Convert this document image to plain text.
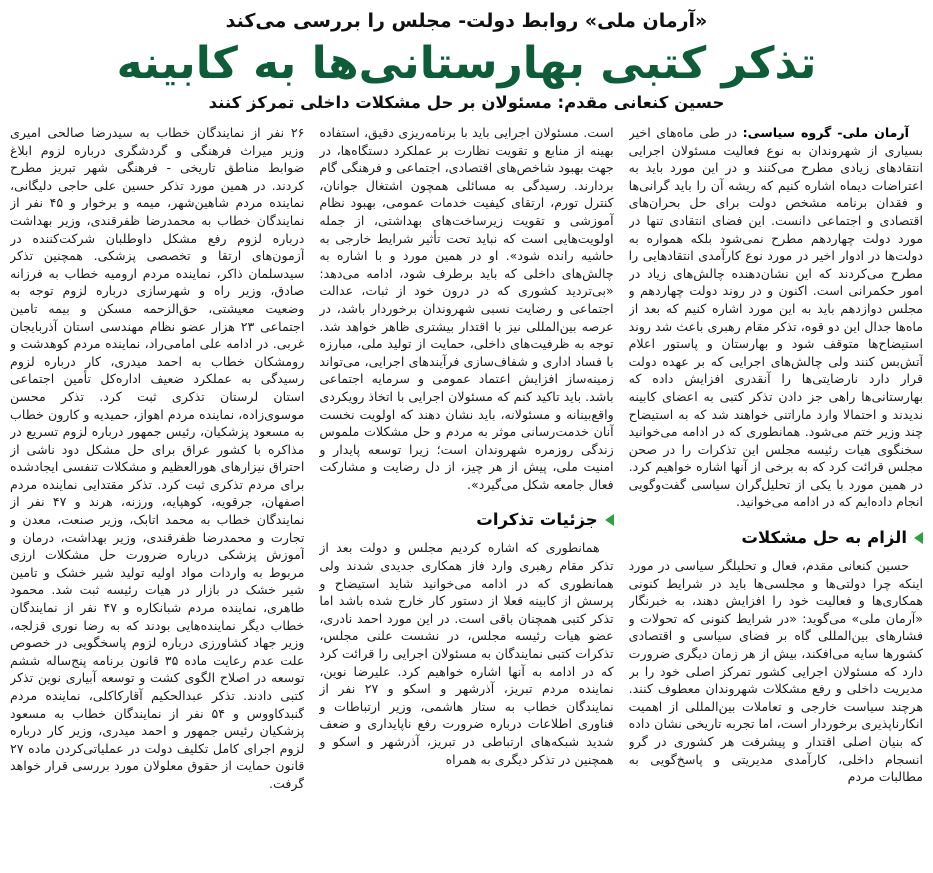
«آرمان ملی» روابط دولت- مجلس را بررسی می‌کند
تذکر کتبی بهارستانی‌ها به کابینه
حسین کنعانی مقدم: مسئولان بر حل مشکلات داخلی تمرکز کنند

آرمان ملی- گروه سیاسی: در طی ماه‌های اخیر بسیاری از شهروندان به نوع فعالیت مسئولان اجرایی انتقادهای زیادی مطرح می‌کنند و در این مورد باید به اعتراضات دیماه اشاره کنیم که ریشه آن را باید گرانی‌ها و فقدان برنامه مشخص دولت برای حل بحران‌های اقتصادی و اجتماعی دانست. این فضای انتقادی تنها در مورد دولت چهاردهم مطرح نمی‌شود بلکه همواره به دولت‌ها در ادوار اخیر در مورد نوع کارآمدی انتقادهایی را مطرح می‌کردند که این نشان‌دهنده چالش‌های زیاد در امور حکمرانی است. اکنون و در روند دولت چهاردهم و مجلس دوازدهم باید به این مورد اشاره کنیم که بعد از ماه‌ها جدال این دو قوه، تذکر مقام رهبری باعث شد روند استیضاح‌ها متوقف شود و بهارستان و پاستور اعلام آتش‌بس کنند ولی چالش‌های اجرایی که بر عهده دولت قرار دارد نارضایتی‌ها را آنقدری افزایش داده که بهارستانی‌ها راهی جز دادن تذکر کتبی به اعضای کابینه ندیدند و احتمالا وارد ماراتنی خواهند شد که به استیضاح چند وزیر ختم می‌شود. همانطوری که در ادامه می‌خوانید سخنگوی هیات رئیسه مجلس این تذکرات را در صحن مجلس قرائت کرد که به برخی از آنها اشاره خواهیم کرد. در همین مورد با یکی از تحلیل‌گران سیاسی گفت‌وگویی انجام داده‌ایم که در ادامه می‌خوانید.

الزام به حل مشکلات

حسین کنعانی مقدم، فعال و تحلیلگر سیاسی در مورد اینکه چرا دولتی‌ها و مجلسی‌ها باید در شرایط کنونی همکاری‌ها و فعالیت خود را افزایش دهند، به خبرنگار «آرمان ملی» می‌گوید: «در شرایط کنونی که تحولات و فشارهای بین‌المللی گاه بر فضای سیاسی و اقتصادی کشورها سایه می‌افکند، بیش از هر زمان دیگری ضرورت دارد که مسئولان اجرایی کشور تمرکز اصلی خود را بر مدیریت داخلی و رفع مشکلات شهروندان معطوف کنند. هرچند سیاست خارجی و تعاملات بین‌المللی از اهمیت انکارناپذیری برخوردار است، اما تجربه تاریخی نشان داده که بنیان اصلی اقتدار و پیشرفت هر کشوری در گرو انسجام داخلی، کارآمدی مدیریتی و پاسخ‌گویی به مطالبات مردم

است. مسئولان اجرایی باید با برنامه‌ریزی دقیق، استفاده بهینه از منابع و تقویت نظارت بر عملکرد دستگاه‌ها، در جهت بهبود شاخص‌های اقتصادی، اجتماعی و فرهنگی گام بردارند. رسیدگی به مسائلی همچون اشتغال جوانان، کنترل تورم، ارتقای کیفیت خدمات عمومی، بهبود نظام آموزشی و تقویت زیرساخت‌های بهداشتی، از جمله اولویت‌هایی است که نباید تحت تأثیر شرایط خارجی به حاشیه رانده شود». او در همین مورد و با اشاره به چالش‌های داخلی که باید برطرف شود، ادامه می‌دهد: «بی‌تردید کشوری که در درون خود از ثبات، عدالت اجتماعی و رضایت نسبی شهروندان برخوردار باشد، در عرصه بین‌المللی نیز با اقتدار بیشتری ظاهر خواهد شد. توجه به ظرفیت‌های داخلی، حمایت از تولید ملی، مبارزه با فساد اداری و شفاف‌سازی فرآیندهای اجرایی، می‌تواند زمینه‌ساز افزایش اعتماد عمومی و سرمایه اجتماعی باشد. باید تاکید کنم که مسئولان اجرایی با اتخاذ رویکردی واقع‌بینانه و مسئولانه، باید نشان دهند که اولویت نخست آنان خدمت‌رسانی موثر به مردم و حل مشکلات ملموس زندگی روزمره شهروندان است؛ زیرا توسعه پایدار و امنیت ملی، پیش از هر چیز، از دل رضایت و مشارکت فعال جامعه شکل می‌گیرد».

جزئیات تذکرات

همانطوری که اشاره کردیم مجلس و دولت بعد از تذکر مقام رهبری وارد فاز همکاری جدیدی شدند ولی همانطوری که در ادامه می‌خوانید شاید استیضاح و پرسش از کابینه فعلا از دستور کار خارج شده باشد اما تذکر کتبی همچنان باقی است. در این مورد احمد نادری، عضو هیات رئیسه مجلس، در نشست علنی مجلس، تذکرات کتبی نمایندگان به مسئولان اجرایی را قرائت کرد که در ادامه به آنها اشاره خواهیم کرد. علیرضا نوین، نماینده مردم تبریز، آذرشهر و اسکو و ۲۷ نفر از نمایندگان خطاب به ستار هاشمی، وزیر ارتباطات و فناوری اطلاعات درباره ضرورت رفع ناپایداری و ضعف شدید شبکه‌های ارتباطی در تبریز، آذرشهر و اسکو و همچنین در تذکر دیگری به همراه

۲۶ نفر از نمایندگان خطاب به سیدرضا صالحی امیری وزیر میراث فرهنگی و گردشگری درباره لزوم ابلاغ ضوابط مناطق تاریخی - فرهنگی شهر تبریز مطرح کردند. در همین مورد تذکر حسین علی حاجی دلیگانی، نماینده مردم شاهین‌شهر، میمه و برخوار و ۴۵ نفر از نمایندگان خطاب به محمدرضا ظفرقندی، وزیر بهداشت درباره لزوم رفع مشکل داوطلبان شرکت‌کننده در آزمون‌های ارتقا و تخصصی پزشکی. همچنین تذکر سیدسلمان ذاکر، نماینده مردم ارومیه خطاب به فرزانه صادق، وزیر راه و شهرسازی درباره لزوم توجه به وضعیت معیشتی، حق‌الزحمه مسکن و بیمه تامین اجتماعی ۲۳ هزار عضو نظام مهندسی استان آذربایجان غربی. در ادامه علی امامی‌راد، نماینده مردم کوهدشت و رومشکان خطاب به احمد میدری، کار درباره لزوم رسیدگی به عملکرد ضعیف اداره‌کل تأمین اجتماعی استان لرستان تذکری ثبت کرد. تذکر محسن موسوی‌زاده، نماینده مردم اهواز، حمیدیه و کارون خطاب به مسعود پزشکیان، رئیس جمهور درباره لزوم تسریع در مذاکره با کشور عراق برای حل مشکل دود ناشی از احتراق نیزارهای هورالعظیم و مشکلات تنفسی ایجادشده برای مردم تذکری ثبت کرد. تذکر مقتدایی نماینده مردم اصفهان، جرقویه، کوهپایه، ورزنه، هرند و ۴۷ نفر از نمایندگان خطاب به محمد اتابک، وزیر صنعت، معدن و تجارت و محمدرضا ظفرقندی، وزیر بهداشت، درمان و آموزش پزشکی درباره ضرورت حل مشکلات ارزی مربوط به واردات مواد اولیه تولید شیر خشک و تامین شیر خشک در بازار در هیات رئیسه ثبت شد. محمود طاهری، نماینده مردم شبانکاره و ۴۷ نفر از نمایندگان خطاب دیگر نماینده‌هایی بودند که به رضا نوری قزلجه، وزیر جهاد کشاورزی درباره لزوم پاسخگویی در خصوص علت عدم رعایت ماده ۳۵ قانون برنامه پنج‌ساله ششم توسعه در اصلاح الگوی کشت و توسعه آبیاری نوین تذکر کتبی دادند. تذکر عبدالحکیم آقارکاکلی، نماینده مردم گنبدکاووس و ۵۴ نفر از نمایندگان خطاب به مسعود پزشکیان رئیس جمهور و احمد میدری، وزیر کار درباره لزوم اجرای کامل تکلیف دولت در عملیاتی‌کردن ماده ۲۷ قانون حمایت از حقوق معلولان مورد بررسی قرار خواهد گرفت.
